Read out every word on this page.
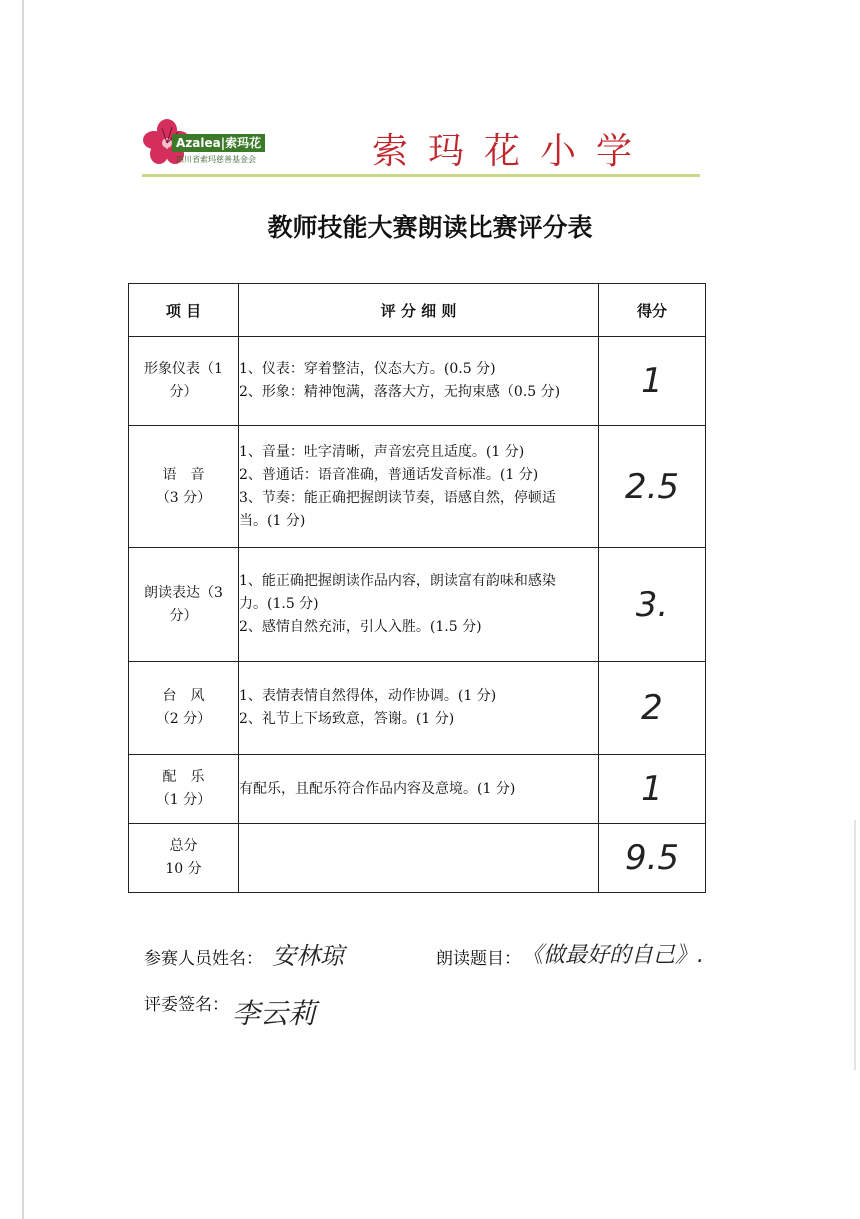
Azalea|索玛花
四川省索玛慈善基金会	索玛花小学
教师技能大赛朗读比赛评分表
项 目	评 分 细 则	得分

形象仪表（1
分）	1、仪表：穿着整洁，仪态大方。(0.5 分)
2、形象：精神饱满，落落大方，无拘束感（0.5 分)	1

语　音
（3 分）	1、音量：吐字清晰，声音宏亮且适度。(1 分)
2、普通话：语音准确，普通话发音标准。(1 分)
3、节奏：能正确把握朗读节奏，语感自然，停顿适
当。(1 分)	2.5

朗读表达（3
分）	1、能正确把握朗读作品内容，朗读富有韵味和感染
力。(1.5 分)
2、感情自然充沛，引人入胜。(1.5 分)	3.

台　风
（2 分）	1、表情表情自然得体，动作协调。(1 分)
2、礼节上下场致意，答谢。(1 分)	2

配　乐
（1 分）	有配乐，且配乐符合作品内容及意境。(1 分)	1

总分
10 分		9.5
参赛人员姓名： 安林琼	朗读题目： 《做最好的自己》.
评委签名： 李云莉
